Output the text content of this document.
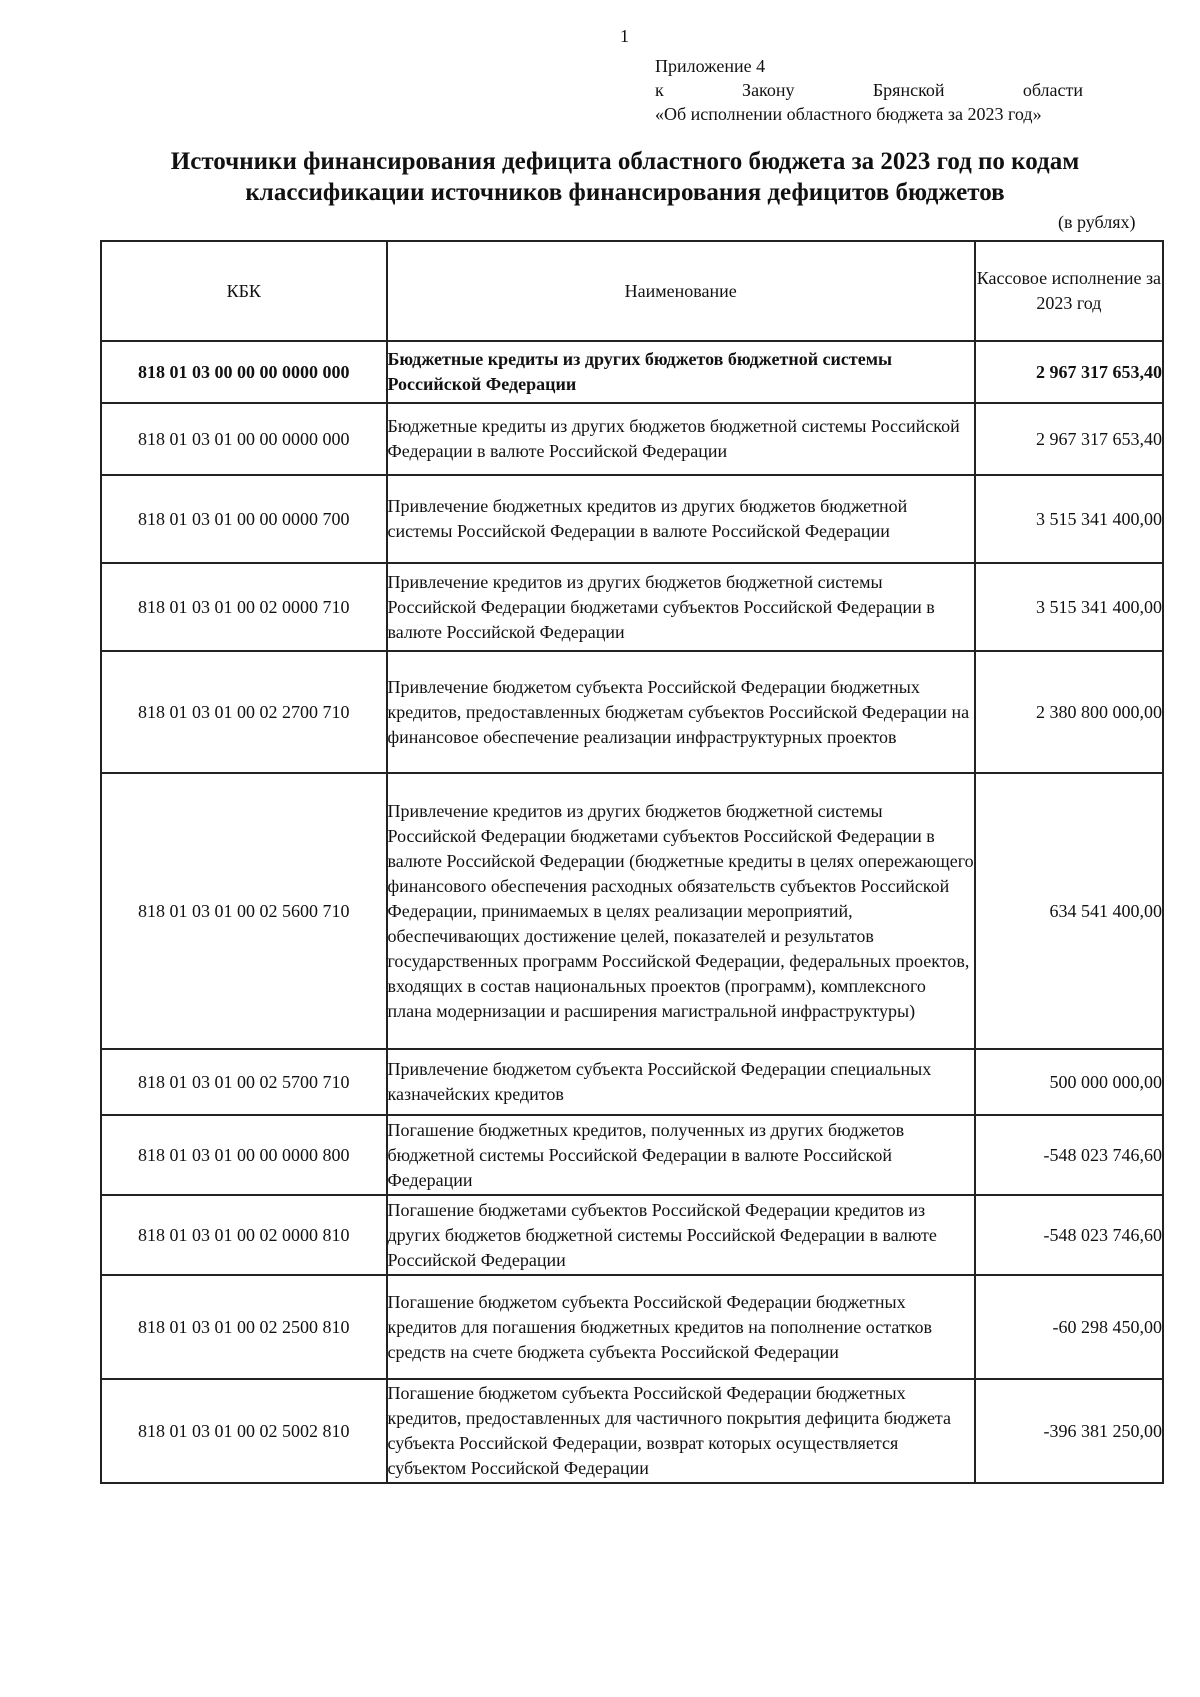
1
Приложение 4
к	Закону	Брянской	области
«Об исполнении областного бюджета за 2023 год»
Источники финансирования дефицита областного бюджета за 2023 год по кодам классификации источников финансирования дефицитов бюджетов
(в рублях)
КБК	Наименование	Кассовое исполнение за 2023 год
818 01 03 00 00 00 0000 000	Бюджетные кредиты из других бюджетов бюджетной системы Российской Федерации	2 967 317 653,40
818 01 03 01 00 00 0000 000	Бюджетные кредиты из других бюджетов бюджетной системы Российской Федерации в валюте Российской Федерации	2 967 317 653,40
818 01 03 01 00 00 0000 700	Привлечение бюджетных кредитов из других бюджетов бюджетной системы Российской Федерации в валюте Российской Федерации	3 515 341 400,00
818 01 03 01 00 02 0000 710	Привлечение кредитов из других бюджетов бюджетной системы Российской Федерации бюджетами субъектов Российской Федерации в валюте Российской Федерации	3 515 341 400,00
818 01 03 01 00 02 2700 710	Привлечение бюджетом субъекта Российской Федерации бюджетных кредитов, предоставленных бюджетам субъектов Российской Федерации на финансовое обеспечение реализации инфраструктурных проектов	2 380 800 000,00
818 01 03 01 00 02 5600 710	Привлечение кредитов из других бюджетов бюджетной системы Российской Федерации бюджетами субъектов Российской Федерации в валюте Российской Федерации (бюджетные кредиты в целях опережающего финансового обеспечения расходных обязательств субъектов Российской Федерации, принимаемых в целях реализации мероприятий, обеспечивающих достижение целей, показателей и результатов государственных программ Российской Федерации, федеральных проектов, входящих в состав национальных проектов (программ), комплексного плана модернизации и расширения магистральной инфраструктуры)	634 541 400,00
818 01 03 01 00 02 5700 710	Привлечение бюджетом субъекта Российской Федерации специальных казначейских кредитов	500 000 000,00
818 01 03 01 00 00 0000 800	Погашение бюджетных кредитов, полученных из других бюджетов бюджетной системы Российской Федерации в валюте Российской Федерации	-548 023 746,60
818 01 03 01 00 02 0000 810	Погашение бюджетами субъектов Российской Федерации кредитов из других бюджетов бюджетной системы Российской Федерации в валюте Российской Федерации	-548 023 746,60
818 01 03 01 00 02 2500 810	Погашение бюджетом субъекта Российской Федерации бюджетных кредитов для погашения бюджетных кредитов на пополнение остатков средств на счете бюджета субъекта Российской Федерации	-60 298 450,00
818 01 03 01 00 02 5002 810	Погашение бюджетом субъекта Российской Федерации бюджетных кредитов, предоставленных для частичного покрытия дефицита бюджета субъекта Российской Федерации, возврат которых осуществляется субъектом Российской Федерации	-396 381 250,00
